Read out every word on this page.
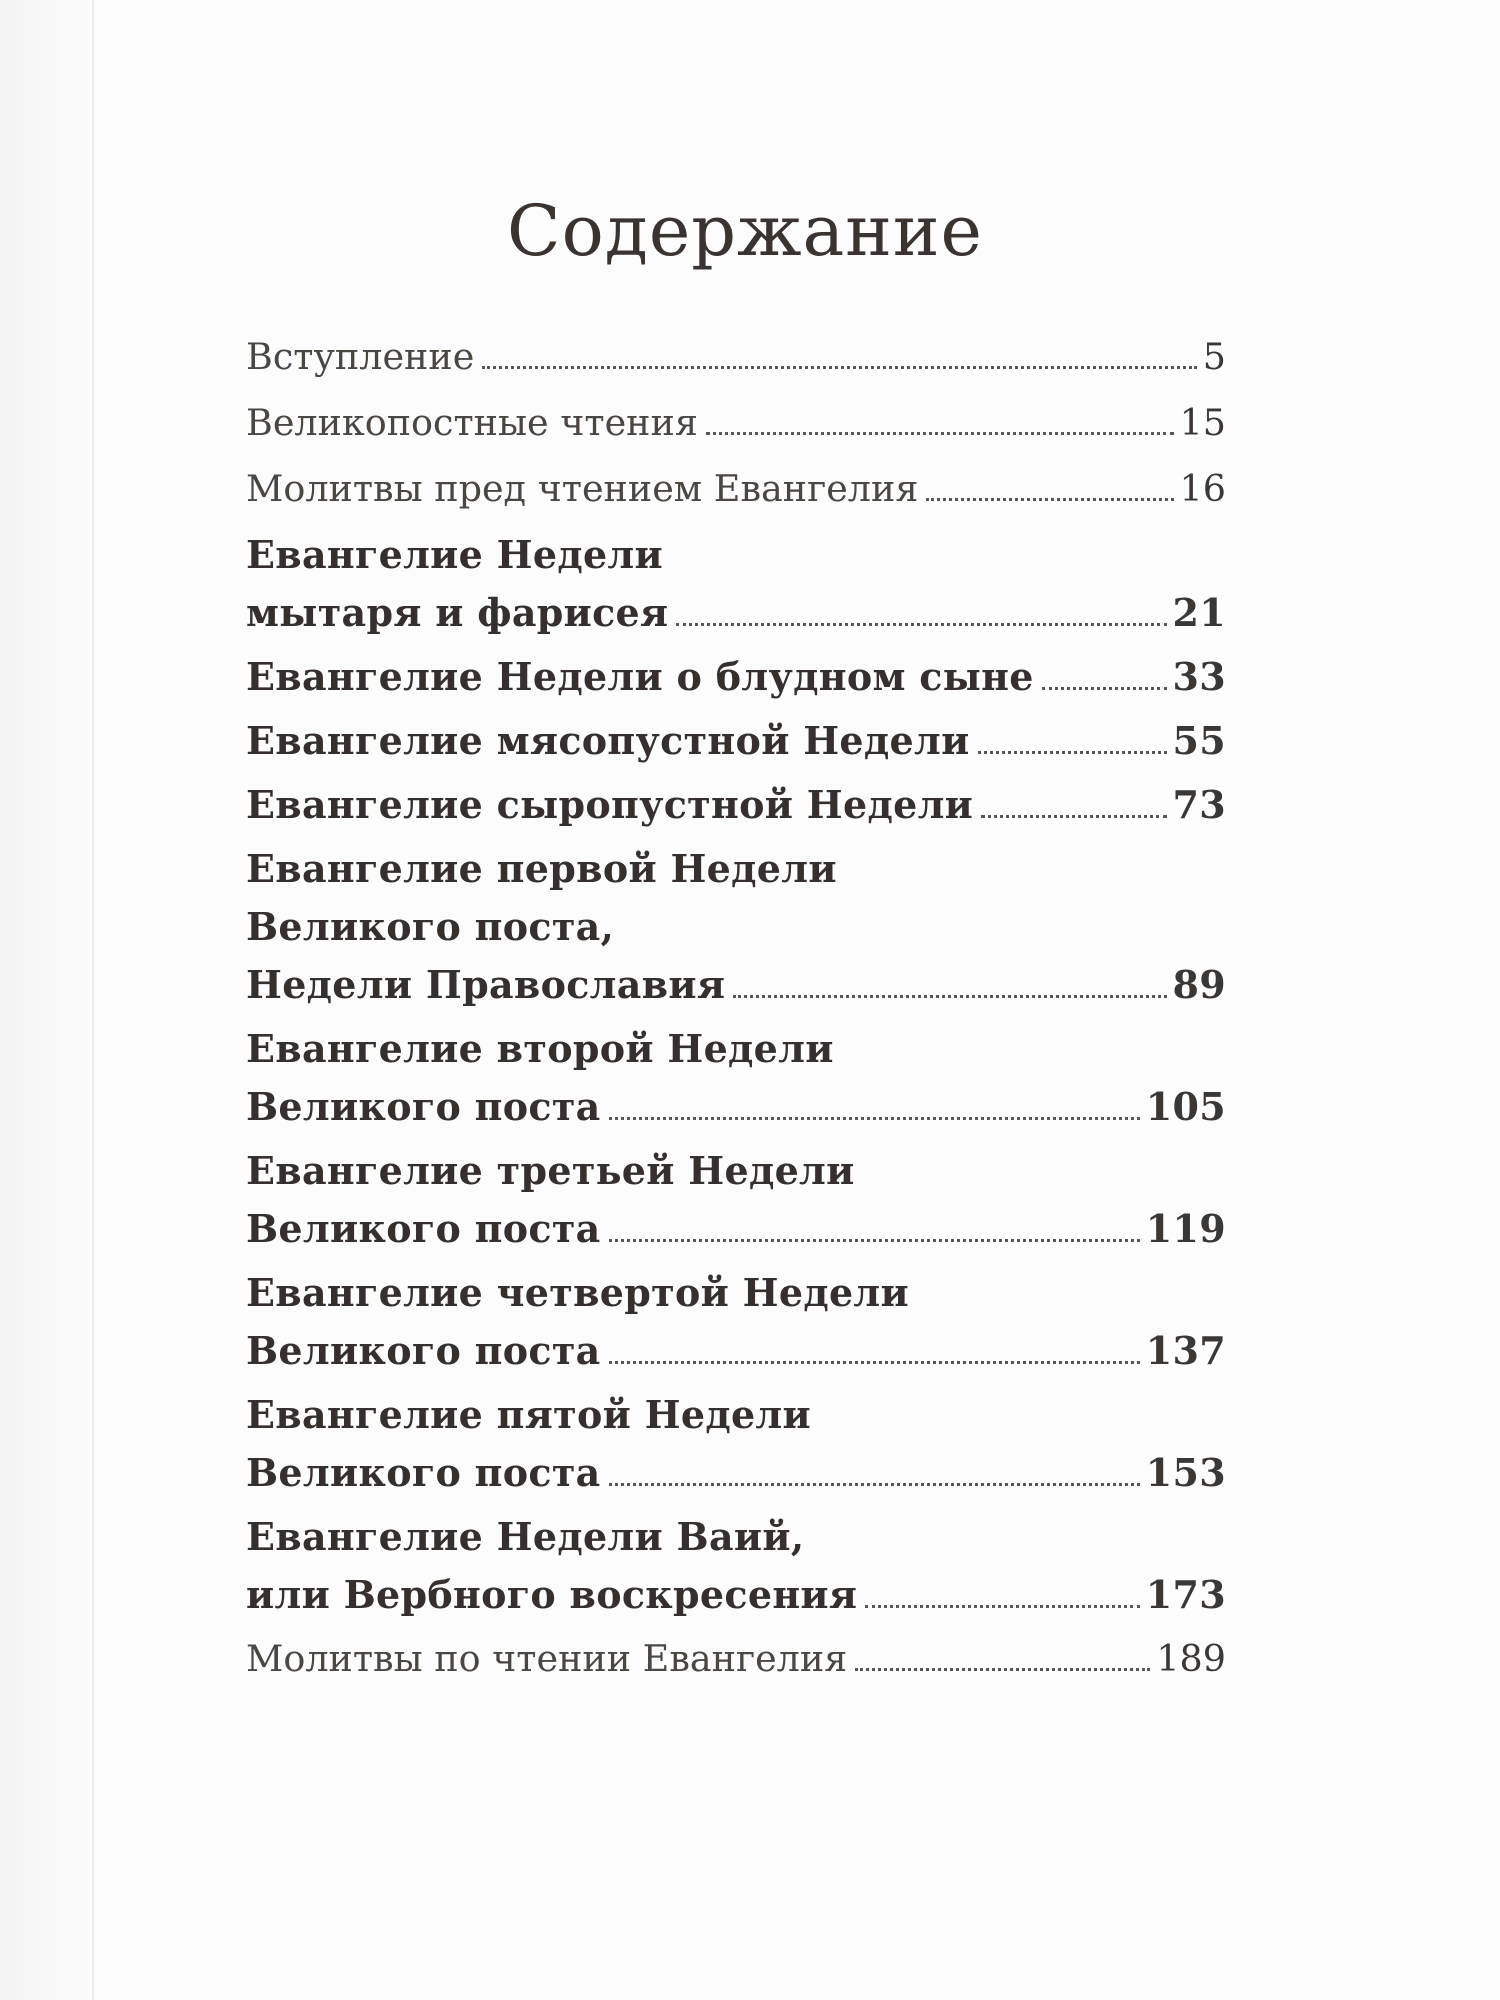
Содержание
Вступление	5
Великопостные чтения	15
Молитвы пред чтением Евангелия	16
Евангелие Недели
мытаря и фарисея	21
Евангелие Недели о блудном сыне	33
Евангелие мясопустной Недели	55
Евангелие сыропустной Недели	73
Евангелие первой Недели
Великого поста,
Недели Православия	89
Евангелие второй Недели
Великого поста	105
Евангелие третьей Недели
Великого поста	119
Евангелие четвертой Недели
Великого поста	137
Евангелие пятой Недели
Великого поста	153
Евангелие Недели Ваий,
или Вербного воскресения	173
Молитвы по чтении Евангелия	189
